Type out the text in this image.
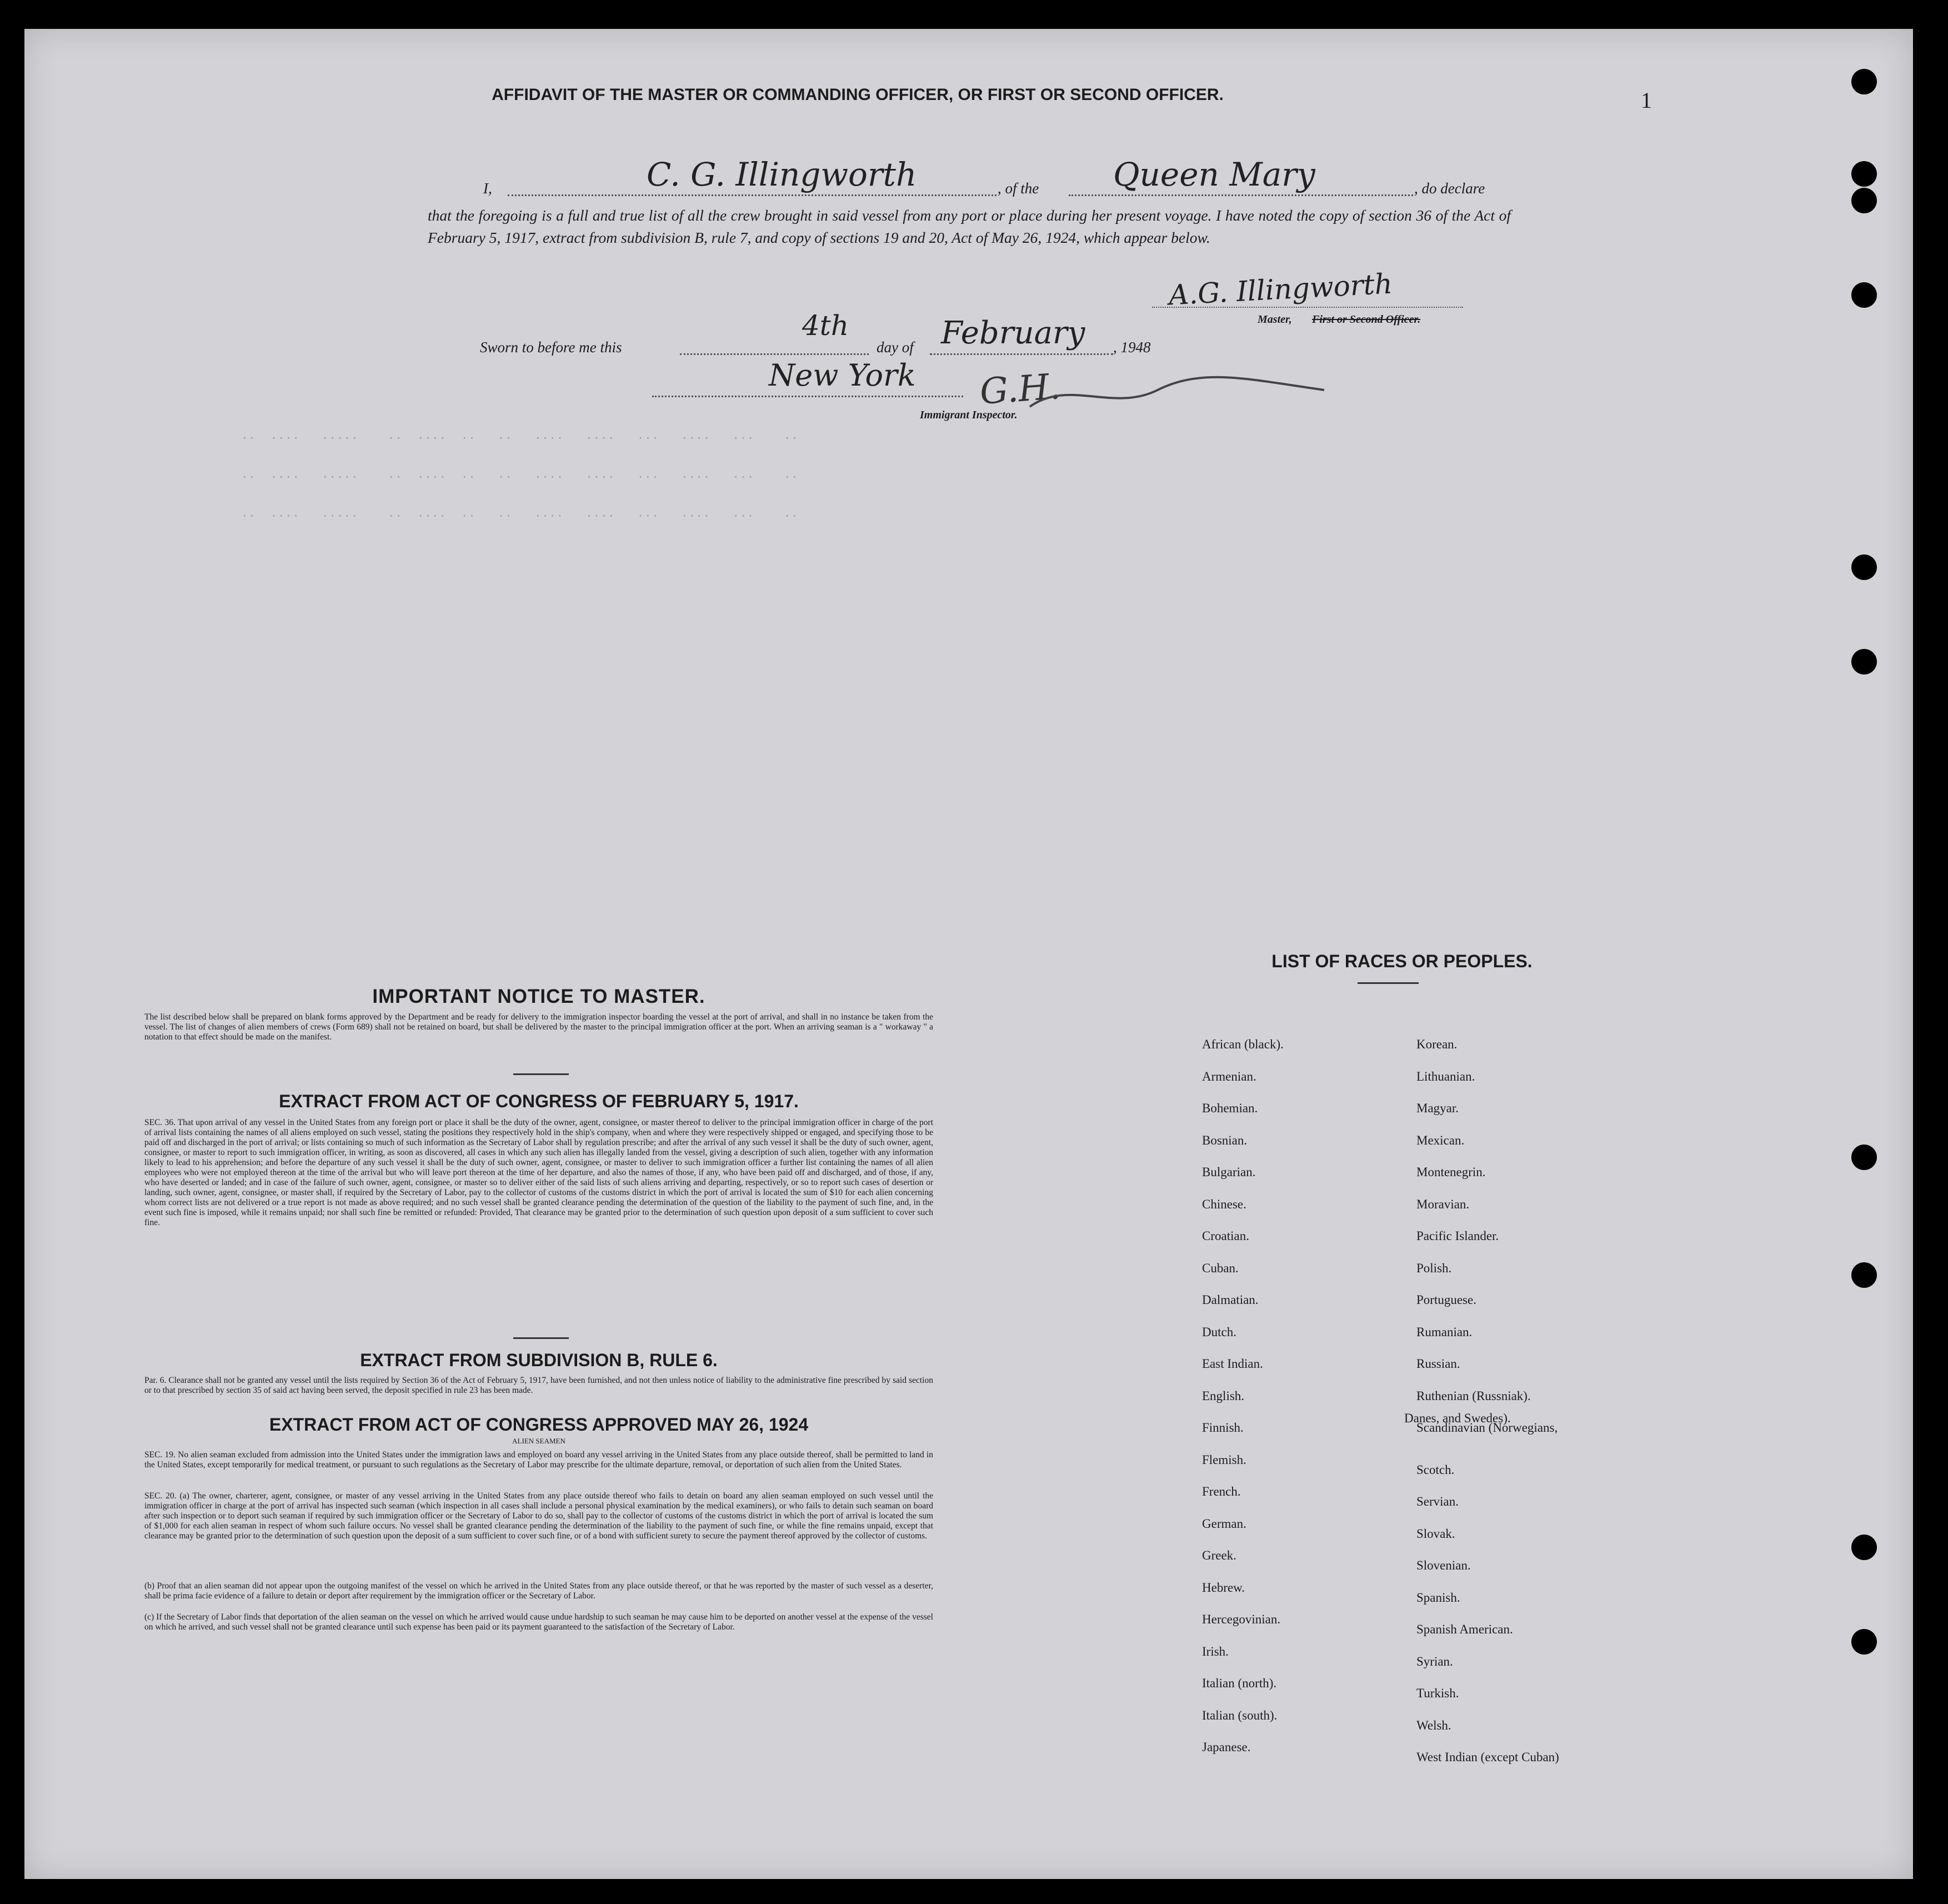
..  ....   .....    ..  ....  ..   ..   ....   ....   ...   ....   ...    ..
..  ....   .....    ..  ....  ..   ..   ....   ....   ...   ....   ...    ..
..  ....   .....    ..  ....  ..   ..   ....   ....   ...   ....   ...    ..
1
AFFIDAVIT OF THE MASTER OR COMMANDING OFFICER, OR FIRST OR SECOND OFFICER.
I,	C. G. Illingworth	, of the Queen Mary	, do declare
that the foregoing is a full and true list of all the crew brought in said vessel from any port or place during her present voyage. I have noted the copy of section 36 of the Act of February 5, 1917, extract from subdivision B, rule 7, and copy of sections 19 and 20, Act of May 26, 1924, which appear below.
A.G. Illingworth
Master, First or Second Officer.
Sworn to before me this
4th
day of February , 1948
New York G.H.
Immigrant Inspector.
IMPORTANT NOTICE TO MASTER.
The list described below shall be prepared on blank forms approved by the Department and be ready for delivery to the immigration inspector boarding the vessel at the port of arrival, and shall in no instance be taken from the vessel. The list of changes of alien members of crews (Form 689) shall not be retained on board, but shall be delivered by the master to the principal immigration officer at the port. When an arriving seaman is a " workaway " a notation to that effect should be made on the manifest.
EXTRACT FROM ACT OF CONGRESS OF FEBRUARY 5, 1917.
SEC. 36. That upon arrival of any vessel in the United States from any foreign port or place it shall be the duty of the owner, agent, consignee, or master thereof to deliver to the principal immigration officer in charge of the port of arrival lists containing the names of all aliens employed on such vessel, stating the positions they respectively hold in the ship's company, when and where they were respectively shipped or engaged, and specifying those to be paid off and discharged in the port of arrival; or lists containing so much of such information as the Secretary of Labor shall by regulation prescribe; and after the arrival of any such vessel it shall be the duty of such owner, agent, consignee, or master to report to such immigration officer, in writing, as soon as discovered, all cases in which any such alien has illegally landed from the vessel, giving a description of such alien, together with any information likely to lead to his apprehension; and before the departure of any such vessel it shall be the duty of such owner, agent, consignee, or master to deliver to such immigration officer a further list containing the names of all alien employees who were not employed thereon at the time of the arrival but who will leave port thereon at the time of her departure, and also the names of those, if any, who have been paid off and discharged, and of those, if any, who have deserted or landed; and in case of the failure of such owner, agent, consignee, or master so to deliver either of the said lists of such aliens arriving and departing, respectively, or so to report such cases of desertion or landing, such owner, agent, consignee, or master shall, if required by the Secretary of Labor, pay to the collector of customs of the customs district in which the port of arrival is located the sum of $10 for each alien concerning whom correct lists are not delivered or a true report is not made as above required; and no such vessel shall be granted clearance pending the determination of the question of the liability to the payment of such fine, and, in the event such fine is imposed, while it remains unpaid; nor shall such fine be remitted or refunded: Provided, That clearance may be granted prior to the determination of such question upon deposit of a sum sufficient to cover such fine.
EXTRACT FROM SUBDIVISION B, RULE 6.
Par. 6. Clearance shall not be granted any vessel until the lists required by Section 36 of the Act of February 5, 1917, have been furnished, and not then unless notice of liability to the administrative fine prescribed by said section or to that prescribed by section 35 of said act having been served, the deposit specified in rule 23 has been made.
EXTRACT FROM ACT OF CONGRESS APPROVED MAY 26, 1924
ALIEN SEAMEN
SEC. 19. No alien seaman excluded from admission into the United States under the immigration laws and employed on board any vessel arriving in the United States from any place outside thereof, shall be permitted to land in the United States, except temporarily for medical treatment, or pursuant to such regulations as the Secretary of Labor may prescribe for the ultimate departure, removal, or deportation of such alien from the United States.
SEC. 20. (a) The owner, charterer, agent, consignee, or master of any vessel arriving in the United States from any place outside thereof who fails to detain on board any alien seaman employed on such vessel until the immigration officer in charge at the port of arrival has inspected such seaman (which inspection in all cases shall include a personal physical examination by the medical examiners), or who fails to detain such seaman on board after such inspection or to deport such seaman if required by such immigration officer or the Secretary of Labor to do so, shall pay to the collector of customs of the customs district in which the port of arrival is located the sum of $1,000 for each alien seaman in respect of whom such failure occurs. No vessel shall be granted clearance pending the determination of the liability to the payment of such fine, or while the fine remains unpaid, except that clearance may be granted prior to the determination of such question upon the deposit of a sum sufficient to cover such fine, or of a bond with sufficient surety to secure the payment thereof approved by the collector of customs.
(b) Proof that an alien seaman did not appear upon the outgoing manifest of the vessel on which he arrived in the United States from any place outside thereof, or that he was reported by the master of such vessel as a deserter, shall be prima facie evidence of a failure to detain or deport after requirement by the immigration officer or the Secretary of Labor.
(c) If the Secretary of Labor finds that deportation of the alien seaman on the vessel on which he arrived would cause undue hardship to such seaman he may cause him to be deported on another vessel at the expense of the vessel on which he arrived, and such vessel shall not be granted clearance until such expense has been paid or its payment guaranteed to the satisfaction of the Secretary of Labor.
LIST OF RACES OR PEOPLES.
Danes, and Swedes).
African (black).
Armenian.
Bohemian.
Bosnian.
Bulgarian.
Chinese.
Croatian.
Cuban.
Dalmatian.
Dutch.
East Indian.
English.
Finnish.
Flemish.
French.
German.
Greek.
Hebrew.
Hercegovinian.
Irish.
Italian (north).
Italian (south).
Japanese.
Korean.
Lithuanian.
Magyar.
Mexican.
Montenegrin.
Moravian.
Pacific Islander.
Polish.
Portuguese.
Rumanian.
Russian.
Ruthenian (Russniak).
Scandinavian (Norwegians,
Scotch.
Servian.
Slovak.
Slovenian.
Spanish.
Spanish American.
Syrian.
Turkish.
Welsh.
West Indian (except Cuban)
